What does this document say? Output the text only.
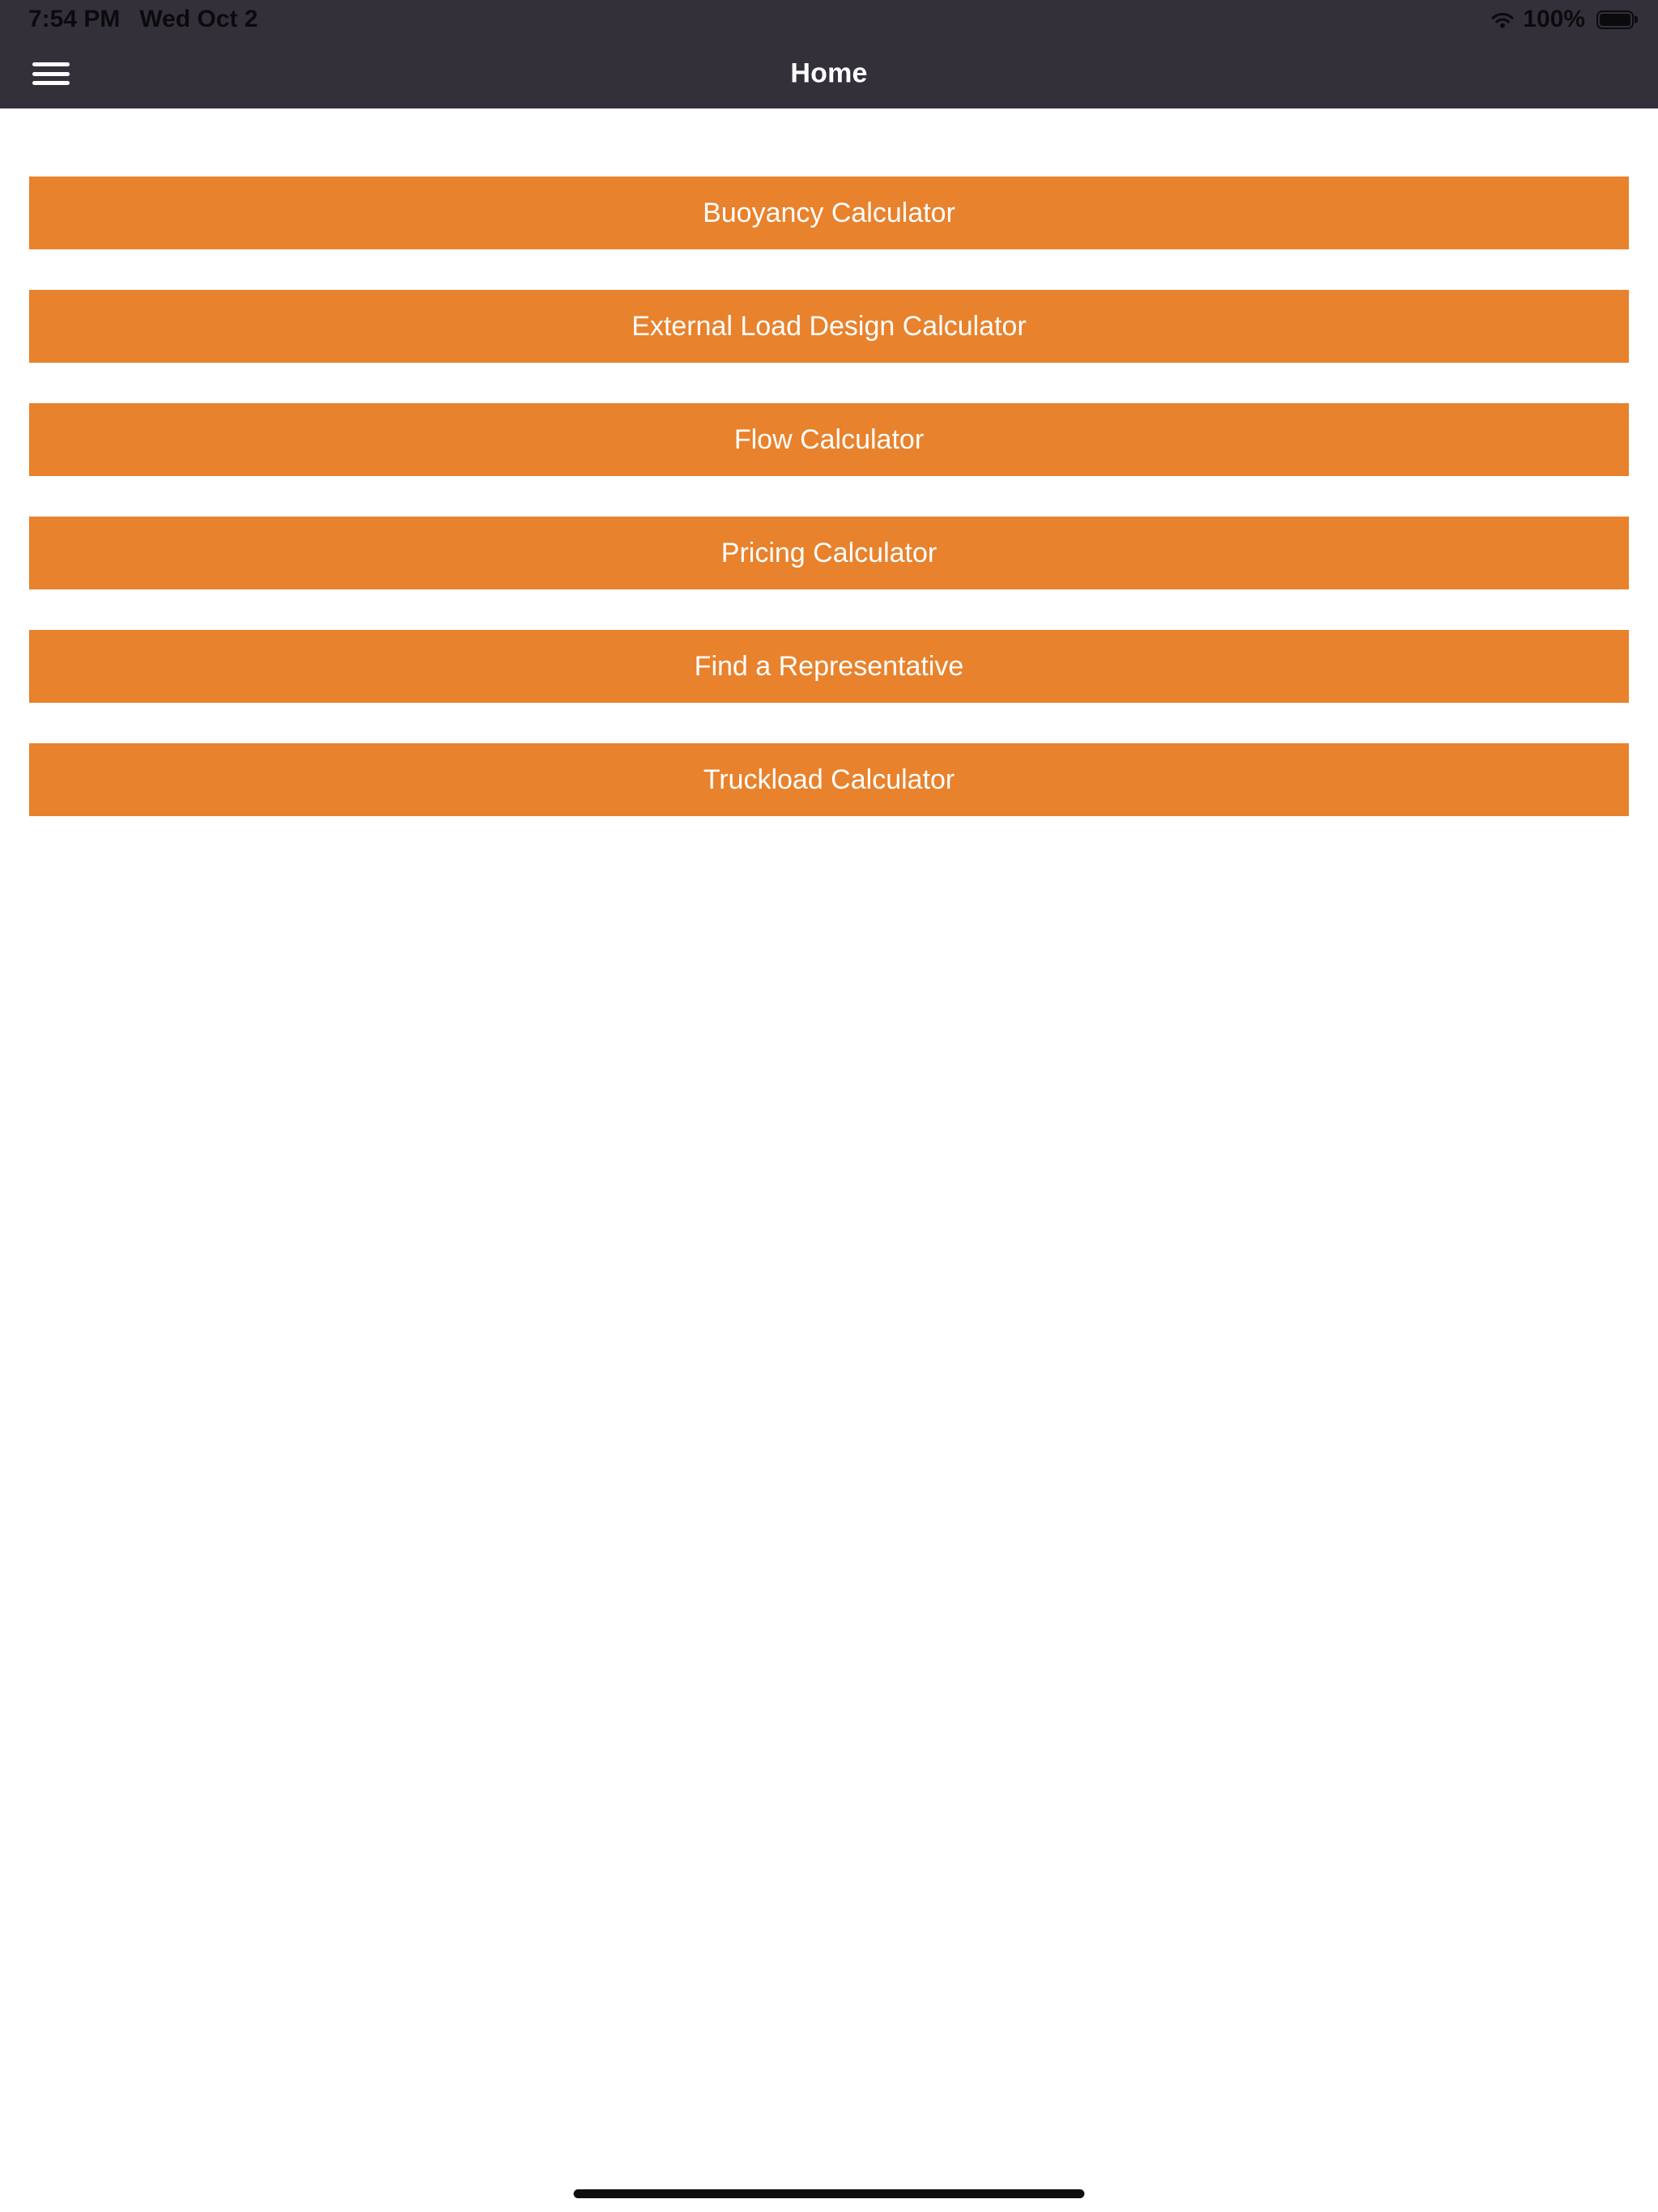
7:54 PM Wed Oct 2	100%
Home
Buoyancy Calculator
External Load Design Calculator
Flow Calculator
Pricing Calculator
Find a Representative
Truckload Calculator
